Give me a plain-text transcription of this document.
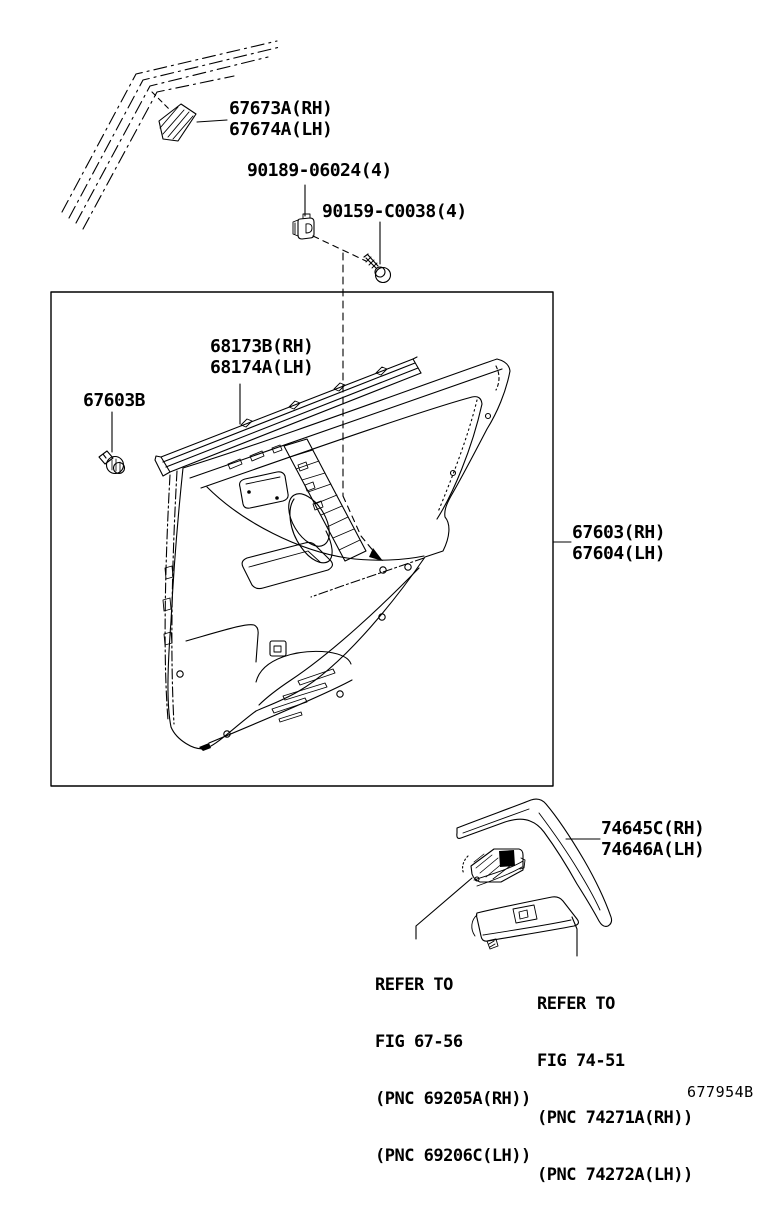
67673A(RH)
67674A(LH)
90189-06024(4)
90159-C0038(4)
68173B(RH)
68174A(LH)
67603B
67603(RH)
67604(LH)
74645C(RH)
74646A(LH)

REFER TO

FIG 67-56

(PNC 69205A(RH))

(PNC 69206C(LH))

REFER TO

FIG 74-51

(PNC 74271A(RH))

(PNC 74272A(LH))

677954B
